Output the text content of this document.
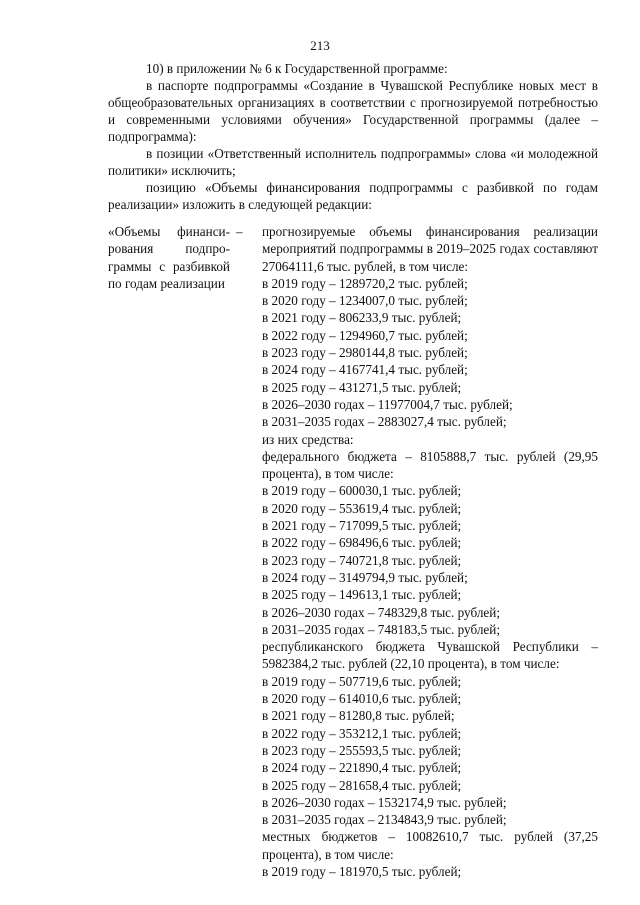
213

10) в приложении № 6 к Государственной программе:

в паспорте подпрограммы «Создание в Чувашской Республике новых мест в общеобразовательных организациях в соответствии с прогнозируемой потребностью и современными условиями обучения» Государственной программы (далее – подпрограмма):

в позиции «Ответственный исполнитель подпрограммы» слова «и молодежной политики» исключить;

позицию «Объемы финансирования подпрограммы с разбивкой по годам реализации» изложить в следующей редакции:

«Объемы финанси-
рования подпро-
граммы с разбивкой
по годам реализации
– прогнозируемые объемы финансирования реализации мероприятий подпрограммы в 2019–2025 годах составляют 27064111,6 тыс. рублей, в том числе:
в 2019 году – 1289720,2 тыс. рублей;
в 2020 году – 1234007,0 тыс. рублей;
в 2021 году – 806233,9 тыс. рублей;
в 2022 году – 1294960,7 тыс. рублей;
в 2023 году – 2980144,8 тыс. рублей;
в 2024 году – 4167741,4 тыс. рублей;
в 2025 году – 431271,5 тыс. рублей;
в 2026–2030 годах – 11977004,7 тыс. рублей;
в 2031–2035 годах – 2883027,4 тыс. рублей;
из них средства:
федерального бюджета – 8105888,7 тыс. рублей (29,95 процента), в том числе:
в 2019 году – 600030,1 тыс. рублей;
в 2020 году – 553619,4 тыс. рублей;
в 2021 году – 717099,5 тыс. рублей;
в 2022 году – 698496,6 тыс. рублей;
в 2023 году – 740721,8 тыс. рублей;
в 2024 году – 3149794,9 тыс. рублей;
в 2025 году – 149613,1 тыс. рублей;
в 2026–2030 годах – 748329,8 тыс. рублей;
в 2031–2035 годах – 748183,5 тыс. рублей;
республиканского бюджета Чувашской Республики – 5982384,2 тыс. рублей (22,10 процента), в том числе:
в 2019 году – 507719,6 тыс. рублей;
в 2020 году – 614010,6 тыс. рублей;
в 2021 году – 81280,8 тыс. рублей;
в 2022 году – 353212,1 тыс. рублей;
в 2023 году – 255593,5 тыс. рублей;
в 2024 году – 221890,4 тыс. рублей;
в 2025 году – 281658,4 тыс. рублей;
в 2026–2030 годах – 1532174,9 тыс. рублей;
в 2031–2035 годах – 2134843,9 тыс. рублей;
местных бюджетов – 10082610,7 тыс. рублей (37,25 процента), в том числе:
в 2019 году – 181970,5 тыс. рублей;
